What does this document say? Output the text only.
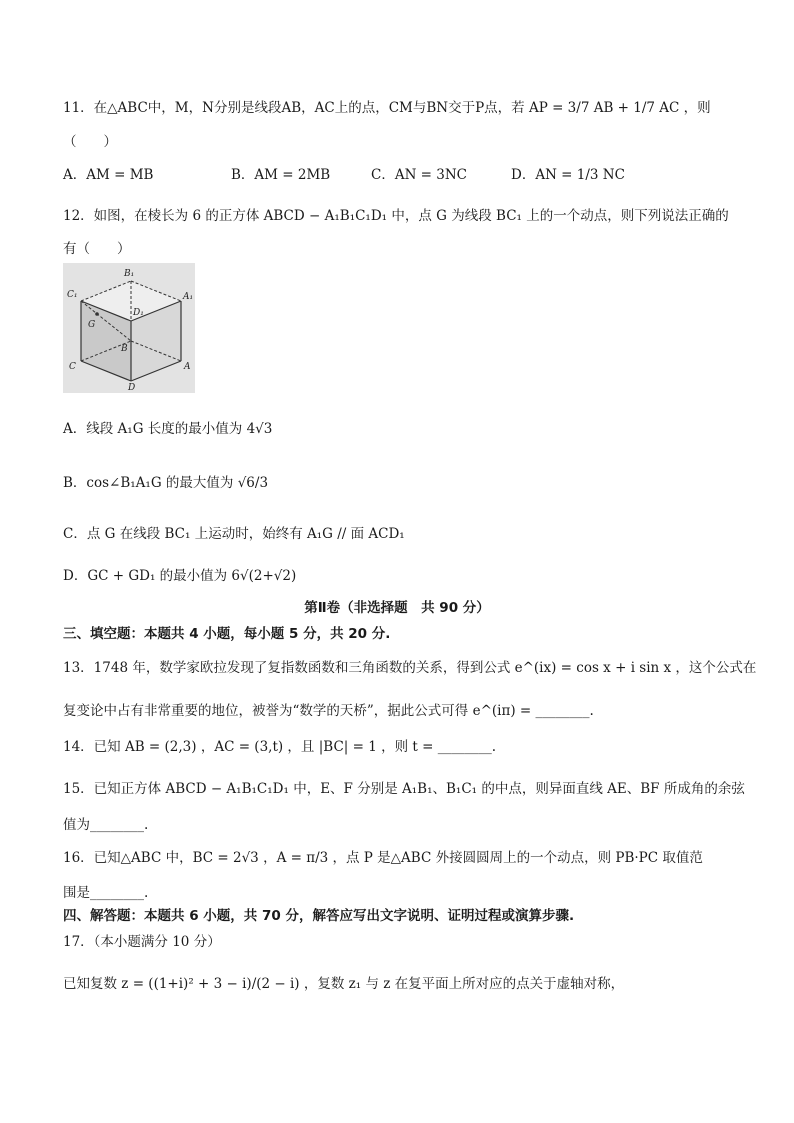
11．在△ABC中，M，N分别是线段AB，AC上的点，CM与BN交于P点，若 AP = 3/7 AB + 1/7 AC ，则
（　　）
A．AM = MB	B．AM = 2MB	C．AN = 3NC	D．AN = 1/3 NC
12．如图，在棱长为 6 的正方体 ABCD − A₁B₁C₁D₁ 中，点 G 为线段 BC₁ 上的一个动点，则下列说法正确的
有（　　）
B₁
C₁	A₁
D₁
G
B
C
D
A
A．线段 A₁G 长度的最小值为 4√3
B．cos∠B₁A₁G 的最大值为 √6/3
C．点 G 在线段 BC₁ 上运动时，始终有 A₁G // 面 ACD₁
D．GC + GD₁ 的最小值为 6√(2+√2)
第Ⅱ卷（非选择题　共 90 分）
三、填空题：本题共 4 小题，每小题 5 分，共 20 分.
13．1748 年，数学家欧拉发现了复指数函数和三角函数的关系，得到公式 e^(ix) = cos x + i sin x ，这个公式在
复变论中占有非常重要的地位，被誉为“数学的天桥”，据此公式可得 e^(iπ) = ________.
14．已知 AB = (2,3) ，AC = (3,t) ，且 |BC| = 1 ，则 t = ________.
15．已知正方体 ABCD − A₁B₁C₁D₁ 中，E、F 分别是 A₁B₁、B₁C₁ 的中点，则异面直线 AE、BF 所成角的余弦
值为________.
16．已知△ABC 中，BC = 2√3 ，A = π/3 ，点 P 是△ABC 外接圆圆周上的一个动点，则 PB·PC 取值范
围是________.
四、解答题：本题共 6 小题，共 70 分，解答应写出文字说明、证明过程或演算步骤.
17．（本小题满分 10 分）
已知复数 z = ((1+i)² + 3 − i)/(2 − i) ，复数 z₁ 与 z 在复平面上所对应的点关于虚轴对称，
